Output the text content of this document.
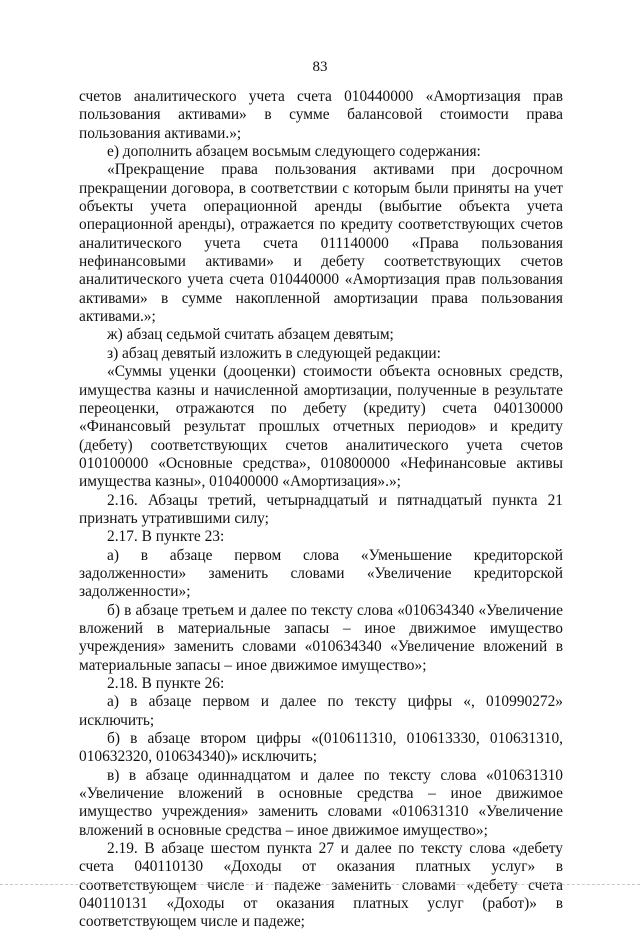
83

счетов аналитического учета счета 010440000 «Амортизация прав пользования активами» в сумме балансовой стоимости права пользования активами.»;

е) дополнить абзацем восьмым следующего содержания:

«Прекращение права пользования активами при досрочном прекращении договора, в соответствии с которым были приняты на учет объекты учета операционной аренды (выбытие объекта учета операционной аренды), отражается по кредиту соответствующих счетов аналитического учета счета 011140000 «Права пользования нефинансовыми активами» и дебету соответствующих счетов аналитического учета счета 010440000 «Амортизация прав пользования активами» в сумме накопленной амортизации права пользования активами.»;

ж) абзац седьмой считать абзацем девятым;

з) абзац девятый изложить в следующей редакции:

«Суммы уценки (дооценки) стоимости объекта основных средств, имущества казны и начисленной амортизации, полученные в результате переоценки, отражаются по дебету (кредиту) счета 040130000 «Финансовый результат прошлых отчетных периодов» и кредиту (дебету) соответствующих счетов аналитического учета счетов 010100000 «Основные средства», 010800000 «Нефинансовые активы имущества казны», 010400000 «Амортизация».»;

2.16. Абзацы третий, четырнадцатый и пятнадцатый пункта 21 признать утратившими силу;

2.17. В пункте 23:

а) в абзаце первом слова «Уменьшение кредиторской задолженности» заменить словами «Увеличение кредиторской задолженности»;

б) в абзаце третьем и далее по тексту слова «010634340 «Увеличение вложений в материальные запасы – иное движимое имущество учреждения» заменить словами «010634340 «Увеличение вложений в материальные запасы – иное движимое имущество»;

2.18. В пункте 26:

а) в абзаце первом и далее по тексту цифры «, 010990272» исключить;

б) в абзаце втором цифры «(010611310, 010613330, 010631310, 010632320, 010634340)» исключить;

в) в абзаце одиннадцатом и далее по тексту слова «010631310 «Увеличение вложений в основные средства – иное движимое имущество учреждения» заменить словами «010631310 «Увеличение вложений в основные средства – иное движимое имущество»;

2.19. В абзаце шестом пункта 27 и далее по тексту слова «дебету счета 040110130 «Доходы от оказания платных услуг» в соответствующем числе и падеже заменить словами «дебету счета 040110131 «Доходы от оказания платных услуг (работ)» в соответствующем числе и падеже;
